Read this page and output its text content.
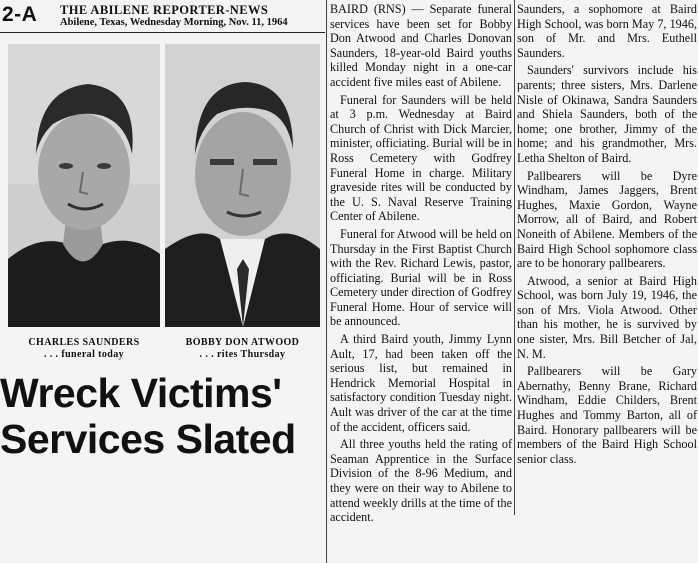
2-A THE ABILENE REPORTER-NEWS
Abilene, Texas, Wednesday Morning, Nov. 11, 1964
CHARLES SAUNDERS
. . . funeral today
BOBBY DON ATWOOD
. . . rites Thursday
Wreck Victims'
Services Slated

BAIRD (RNS) — Separate funeral services have been set for Bobby Don Atwood and Charles Donovan Saunders, 18-year-old Baird youths killed Monday night in a one-car accident five miles east of Abilene.

Funeral for Saunders will be held at 3 p.m. Wednesday at Baird Church of Christ with Dick Marcier, minister, officiating. Burial will be in Ross Cemetery with Godfrey Funeral Home in charge. Military graveside rites will be conducted by the U. S. Naval Reserve Training Center of Abilene.

Funeral for Atwood will be held on Thursday in the First Baptist Church with the Rev. Richard Lewis, pastor, officiating. Burial will be in Ross Cemetery under direction of Godfrey Funeral Home. Hour of service will be announced.

A third Baird youth, Jimmy Lynn Ault, 17, had been taken off the serious list, but remained in Hendrick Memorial Hospital in satisfactory condition Tuesday night. Ault was driver of the car at the time of the accident, officers said.

All three youths held the rating of Seaman Apprentice in the Surface Division of the 8-96 Medium, and they were on their way to Abilene to attend weekly drills at the time of the accident.

Saunders, a sophomore at Baird High School, was born May 7, 1946, son of Mr. and Mrs. Euthell Saunders.

Saunders' survivors include his parents; three sisters, Mrs. Darlene Nisle of Okinawa, Sandra Saunders and Shiela Saunders, both of the home; one brother, Jimmy of the home; and his grandmother, Mrs. Letha Shelton of Baird.

Pallbearers will be Dyre Windham, James Jaggers, Brent Hughes, Maxie Gordon, Wayne Morrow, all of Baird, and Robert Noneith of Abilene. Members of the Baird High School sophomore class are to be honorary pallbearers.

Atwood, a senior at Baird High School, was born July 19, 1946, the son of Mrs. Viola Atwood. Other than his mother, he is survived by one sister, Mrs. Bill Betcher of Jal, N. M.

Pallbearers will be Gary Abernathy, Benny Brane, Richard Windham, Eddie Childers, Brent Hughes and Tommy Barton, all of Baird. Honorary pallbearers will be members of the Baird High School senior class.
